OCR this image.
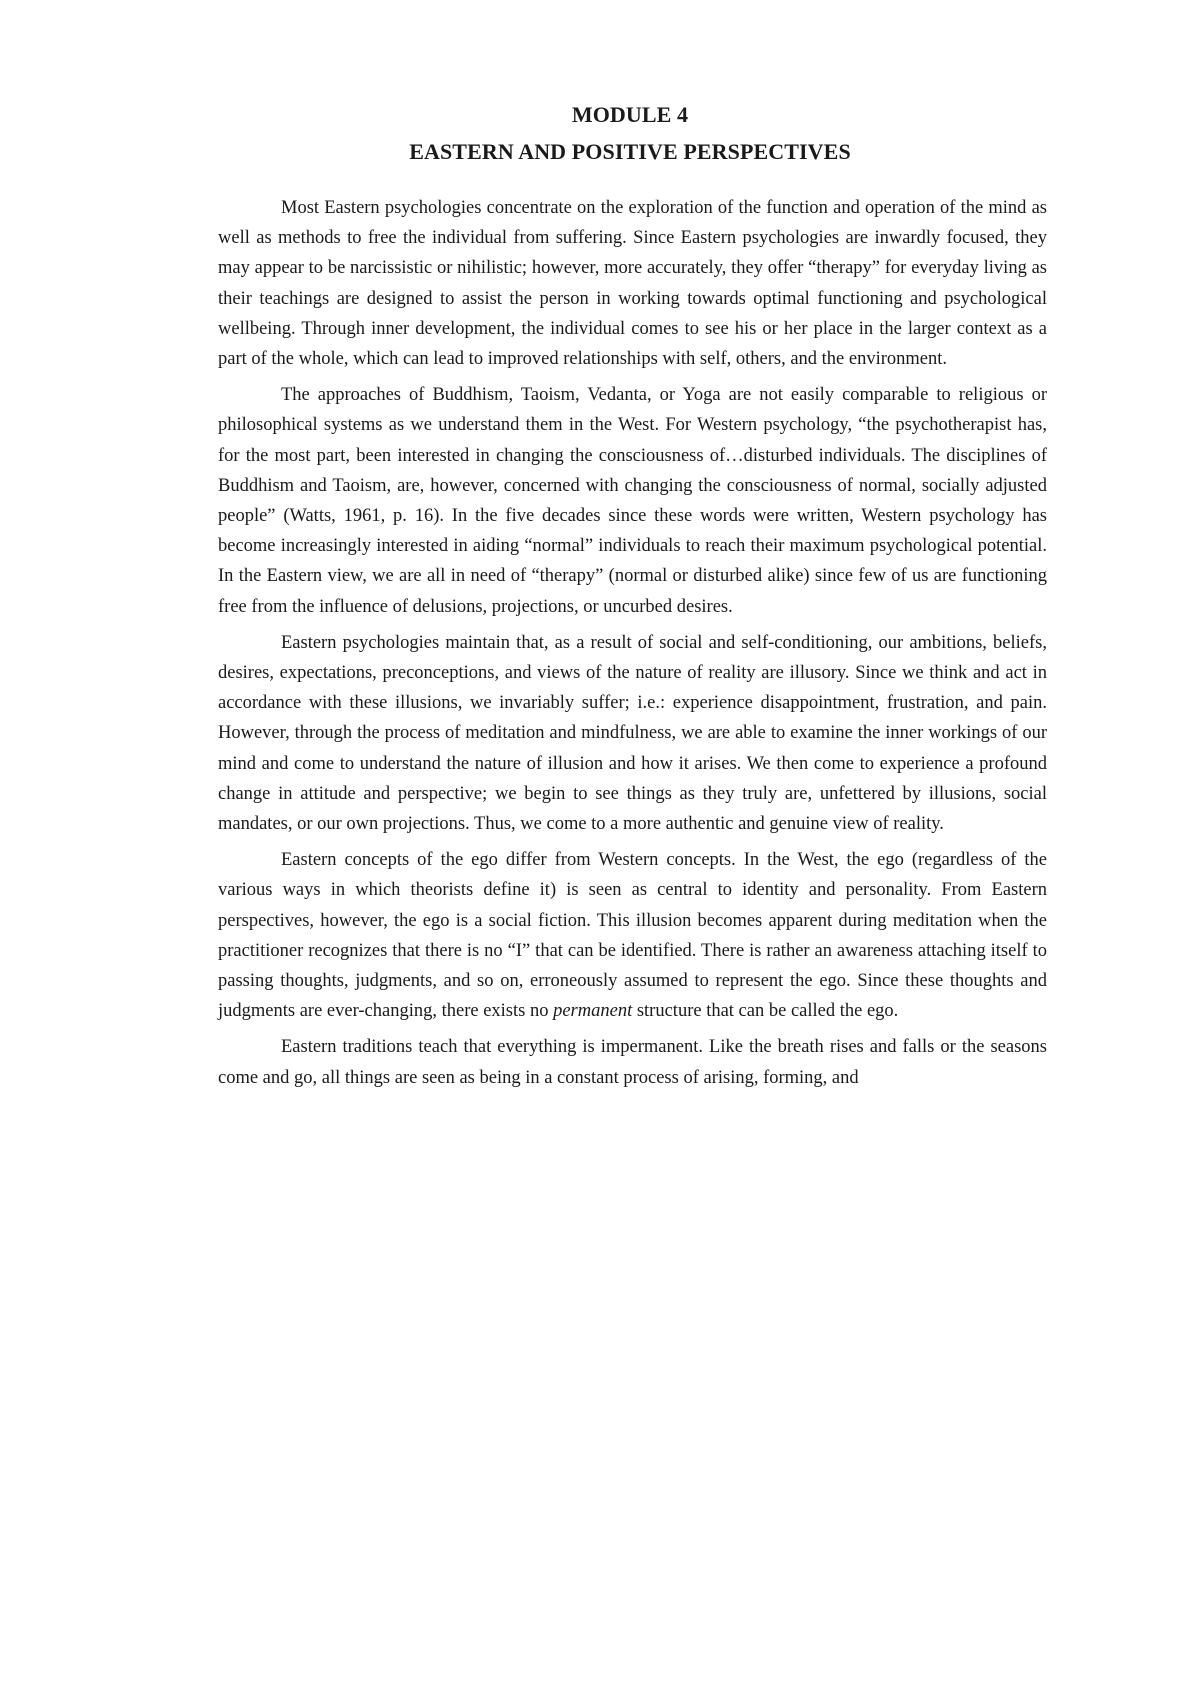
MODULE 4
EASTERN AND POSITIVE PERSPECTIVES

Most Eastern psychologies concentrate on the exploration of the function and operation of the mind as well as methods to free the individual from suffering. Since Eastern psychologies are inwardly focused, they may appear to be narcissistic or nihilistic; however, more accurately, they offer “therapy” for everyday living as their teachings are designed to assist the person in working towards optimal functioning and psychological wellbeing. Through inner development, the individual comes to see his or her place in the larger context as a part of the whole, which can lead to improved relationships with self, others, and the environment.

The approaches of Buddhism, Taoism, Vedanta, or Yoga are not easily comparable to religious or philosophical systems as we understand them in the West. For Western psychology, “the psychotherapist has, for the most part, been interested in changing the consciousness of…disturbed individuals. The disciplines of Buddhism and Taoism, are, however, concerned with changing the consciousness of normal, socially adjusted people” (Watts, 1961, p. 16). In the five decades since these words were written, Western psychology has become increasingly interested in aiding “normal” individuals to reach their maximum psychological potential. In the Eastern view, we are all in need of “therapy” (normal or disturbed alike) since few of us are functioning free from the influence of delusions, projections, or uncurbed desires.

Eastern psychologies maintain that, as a result of social and self-conditioning, our ambitions, beliefs, desires, expectations, preconceptions, and views of the nature of reality are illusory. Since we think and act in accordance with these illusions, we invariably suffer; i.e.: experience disappointment, frustration, and pain. However, through the process of meditation and mindfulness, we are able to examine the inner workings of our mind and come to understand the nature of illusion and how it arises. We then come to experience a profound change in attitude and perspective; we begin to see things as they truly are, unfettered by illusions, social mandates, or our own projections. Thus, we come to a more authentic and genuine view of reality.

Eastern concepts of the ego differ from Western concepts. In the West, the ego (regardless of the various ways in which theorists define it) is seen as central to identity and personality. From Eastern perspectives, however, the ego is a social fiction. This illusion becomes apparent during meditation when the practitioner recognizes that there is no “I” that can be identified. There is rather an awareness attaching itself to passing thoughts, judgments, and so on, erroneously assumed to represent the ego. Since these thoughts and judgments are ever-changing, there exists no permanent structure that can be called the ego.

Eastern traditions teach that everything is impermanent. Like the breath rises and falls or the seasons come and go, all things are seen as being in a constant process of arising, forming, and
